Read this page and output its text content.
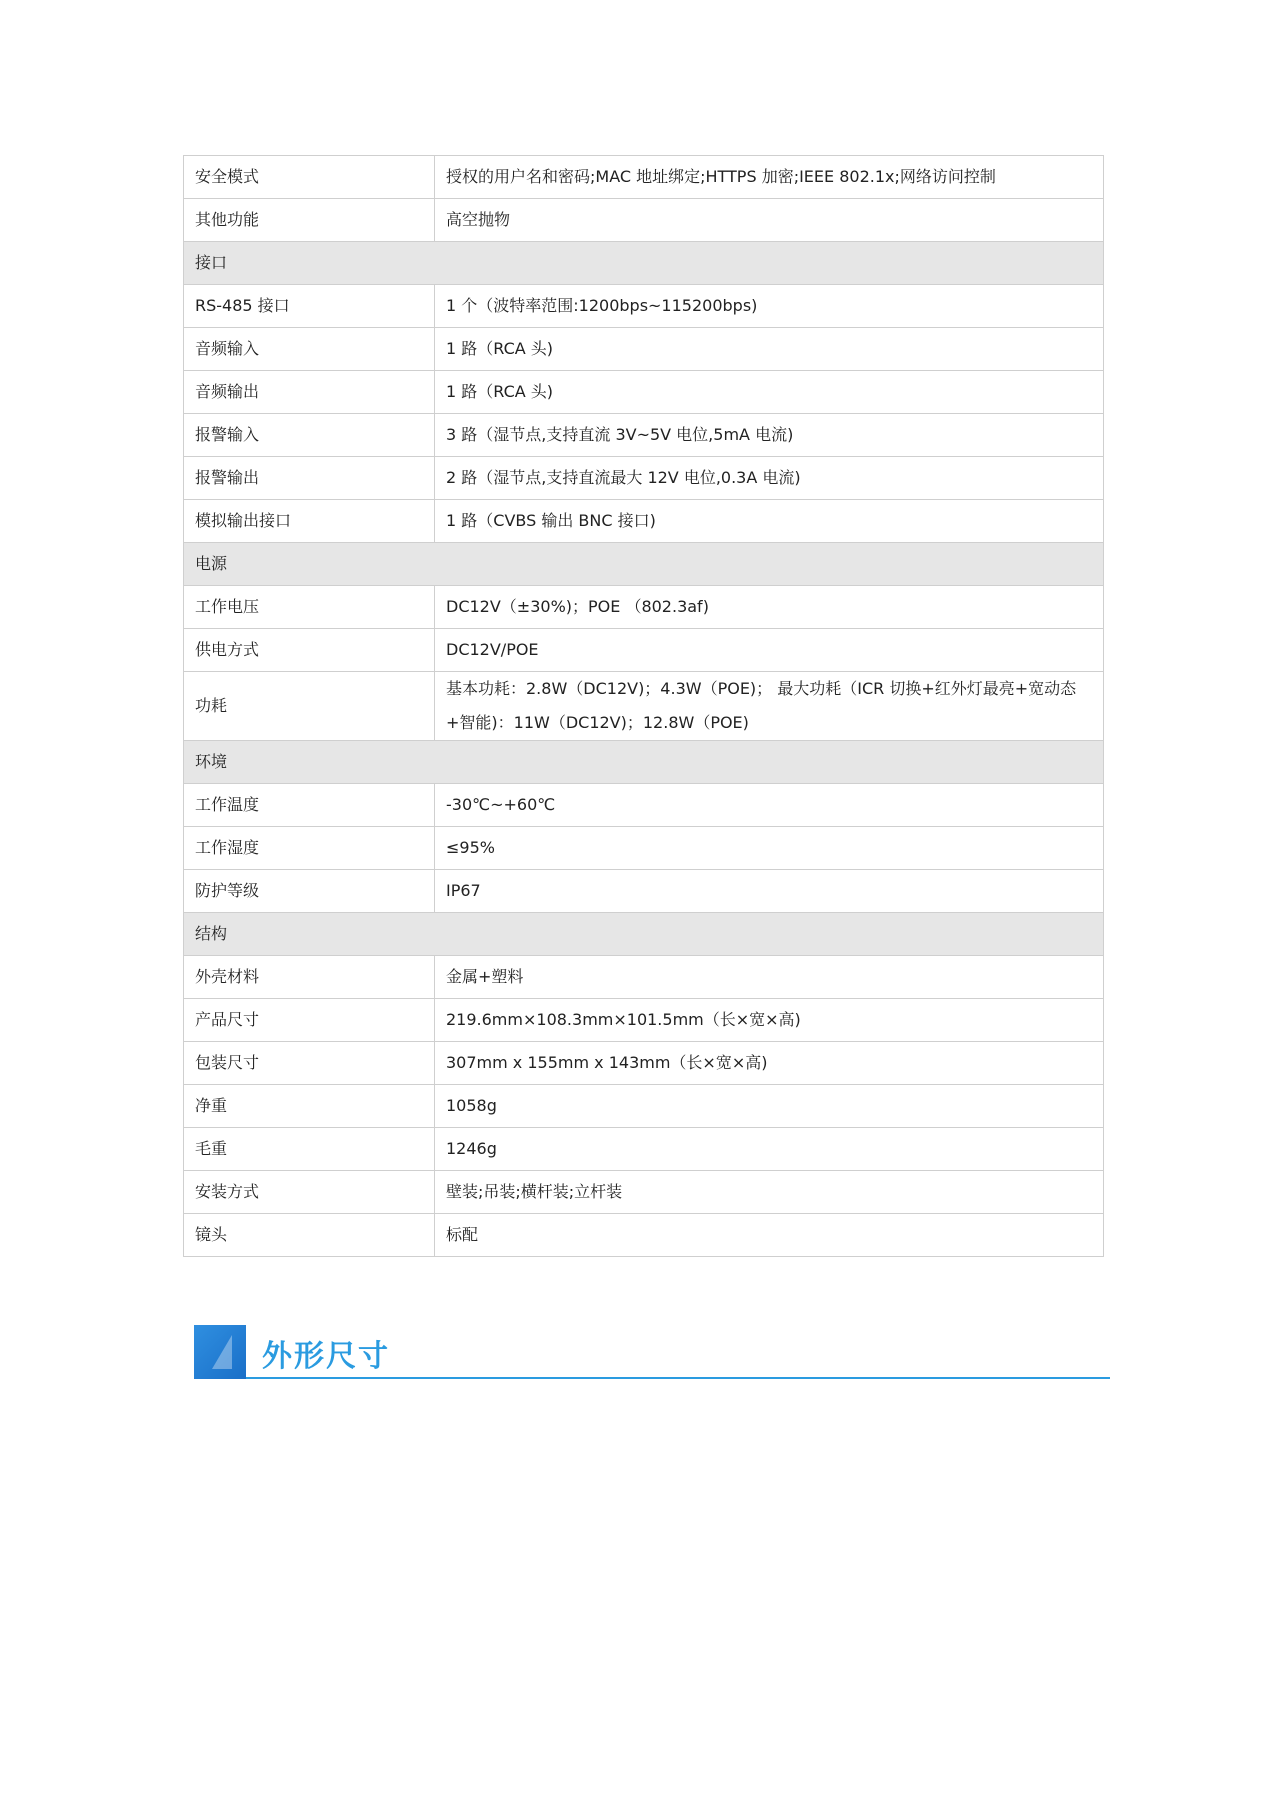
安全模式	授权的用户名和密码;MAC 地址绑定;HTTPS 加密;IEEE 802.1x;网络访问控制
其他功能	高空抛物
接口	
RS-485 接口	1 个（波特率范围:1200bps~115200bps)
音频输入	1 路（RCA 头)
音频输出	1 路（RCA 头)
报警输入	3 路（湿节点,支持直流 3V~5V 电位,5mA 电流)
报警输出	2 路（湿节点,支持直流最大 12V 电位,0.3A 电流)
模拟输出接口	1 路（CVBS 输出 BNC 接口)
电源	
工作电压	DC12V（±30%)；POE （802.3af)
供电方式	DC12V/POE
功耗	基本功耗：2.8W（DC12V)；4.3W（POE)； 最大功耗（ICR 切换+红外灯最亮+宽动态+智能)：11W（DC12V)；12.8W（POE)
环境	
工作温度	-30℃~+60℃
工作湿度	≤95%
防护等级	IP67
结构	
外壳材料	金属+塑料
产品尺寸	219.6mm×108.3mm×101.5mm（长×宽×高)
包装尺寸	307mm x 155mm x 143mm（长×宽×高)
净重	1058g
毛重	1246g
安装方式	壁装;吊装;横杆装;立杆装
镜头	标配
外形尺寸
